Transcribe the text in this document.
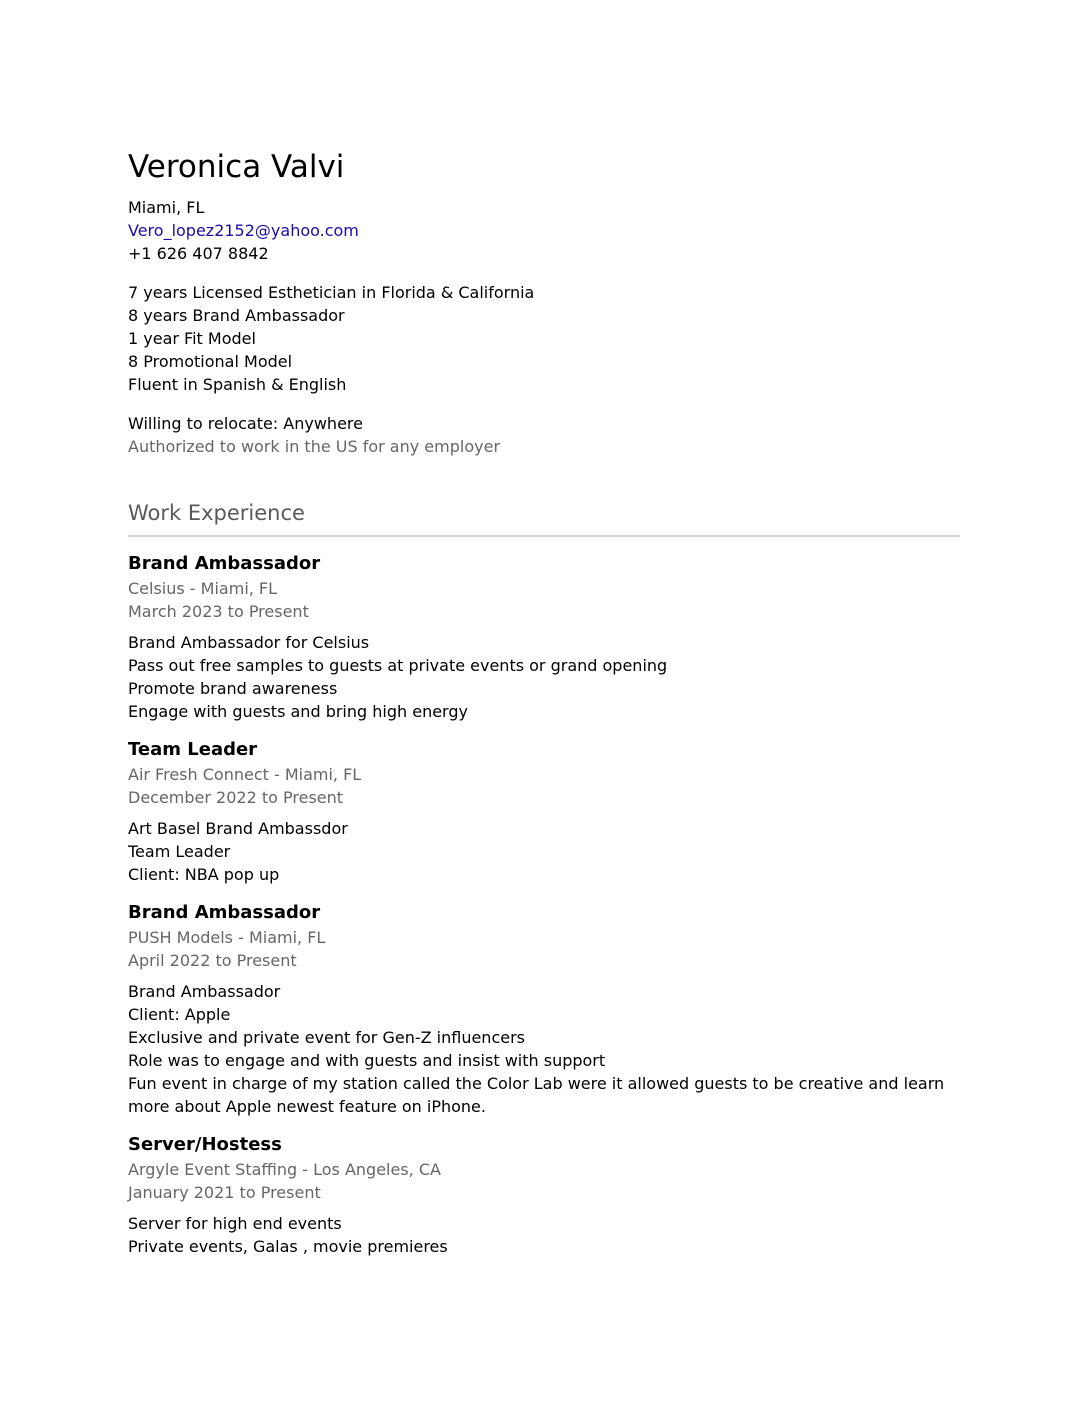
Veronica Valvi
Miami, FL
Vero_lopez2152@yahoo.com
+1 626 407 8842
7 years Licensed Esthetician in Florida & California
8 years Brand Ambassador
1 year Fit Model
8 Promotional Model
Fluent in Spanish & English
Willing to relocate: Anywhere
Authorized to work in the US for any employer
Work Experience
Brand Ambassador
Celsius - Miami, FL
March 2023 to Present
Brand Ambassador for Celsius
Pass out free samples to guests at private events or grand opening
Promote brand awareness
Engage with guests and bring high energy
Team Leader
Air Fresh Connect - Miami, FL
December 2022 to Present
Art Basel Brand Ambassdor
Team Leader
Client: NBA pop up
Brand Ambassador
PUSH Models - Miami, FL
April 2022 to Present
Brand Ambassador
Client: Apple
Exclusive and private event for Gen-Z influencers
Role was to engage and with guests and insist with support
Fun event in charge of my station called the Color Lab were it allowed guests to be creative and learn
more about Apple newest feature on iPhone.
Server/Hostess
Argyle Event Staffing - Los Angeles, CA
January 2021 to Present
Server for high end events
Private events, Galas , movie premieres
